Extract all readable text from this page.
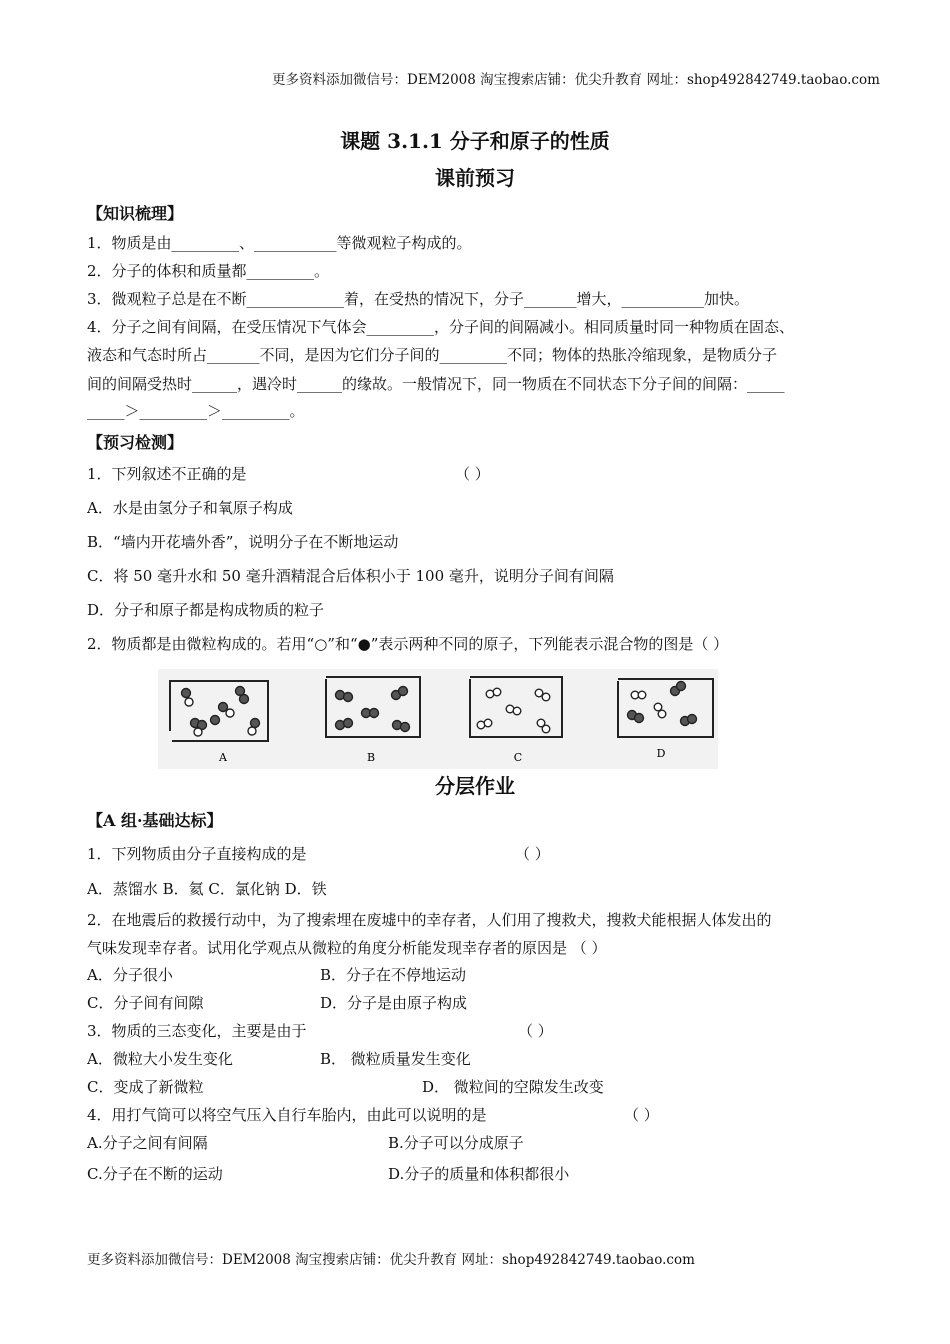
更多资料添加微信号：DEM2008 淘宝搜索店铺：优尖升教育 网址：shop492842749.taobao.com
课题 3.1.1 分子和原子的性质
课前预习
【知识梳理】
1．物质是由_________、___________等微观粒子构成的。
2．分子的体积和质量都_________。
3．微观粒子总是在不断_____________着，在受热的情况下，分子_______增大，___________加快。
4．分子之间有间隔，在受压情况下气体会_________，分子间的间隔减小。相同质量时同一种物质在固态、
液态和气态时所占_______不同，是因为它们分子间的_________不同；物体的热胀冷缩现象，是物质分子
间的间隔受热时______，遇冷时______的缘故。一般情况下，同一物质在不同状态下分子间的间隔：_____
_____＞_________＞_________。
【预习检测】
1．下列叙述不正确的是	（ ）
A．水是由氢分子和氧原子构成
B．“墙内开花墙外香”，说明分子在不断地运动
C．将 50 毫升水和 50 毫升酒精混合后体积小于 100 毫升，说明分子间有间隔
D．分子和原子都是构成物质的粒子
2．物质都是由微粒构成的。若用“○”和“●”表示两种不同的原子，下列能表示混合物的图是（ ）
A	B	C	D
分层作业
【A 组·基础达标】
1．下列物质由分子直接构成的是	（ ）
A．蒸馏水 B．氦 C．氯化钠 D．铁
2．在地震后的救援行动中，为了搜索埋在废墟中的幸存者，人们用了搜救犬，搜救犬能根据人体发出的
气味发现幸存者。试用化学观点从微粒的角度分析能发现幸存者的原因是 （ ）
A．分子很小	B．分子在不停地运动
C．分子间有间隙	D．分子是由原子构成
3．物质的三态变化，主要是由于	（ ）
A．微粒大小发生变化	B． 微粒质量发生变化
C．变成了新微粒	D． 微粒间的空隙发生改变
4．用打气筒可以将空气压入自行车胎内，由此可以说明的是	（ ）
A.分子之间有间隔	B.分子可以分成原子
C.分子在不断的运动	D.分子的质量和体积都很小
更多资料添加微信号：DEM2008 淘宝搜索店铺：优尖升教育 网址：shop492842749.taobao.com
